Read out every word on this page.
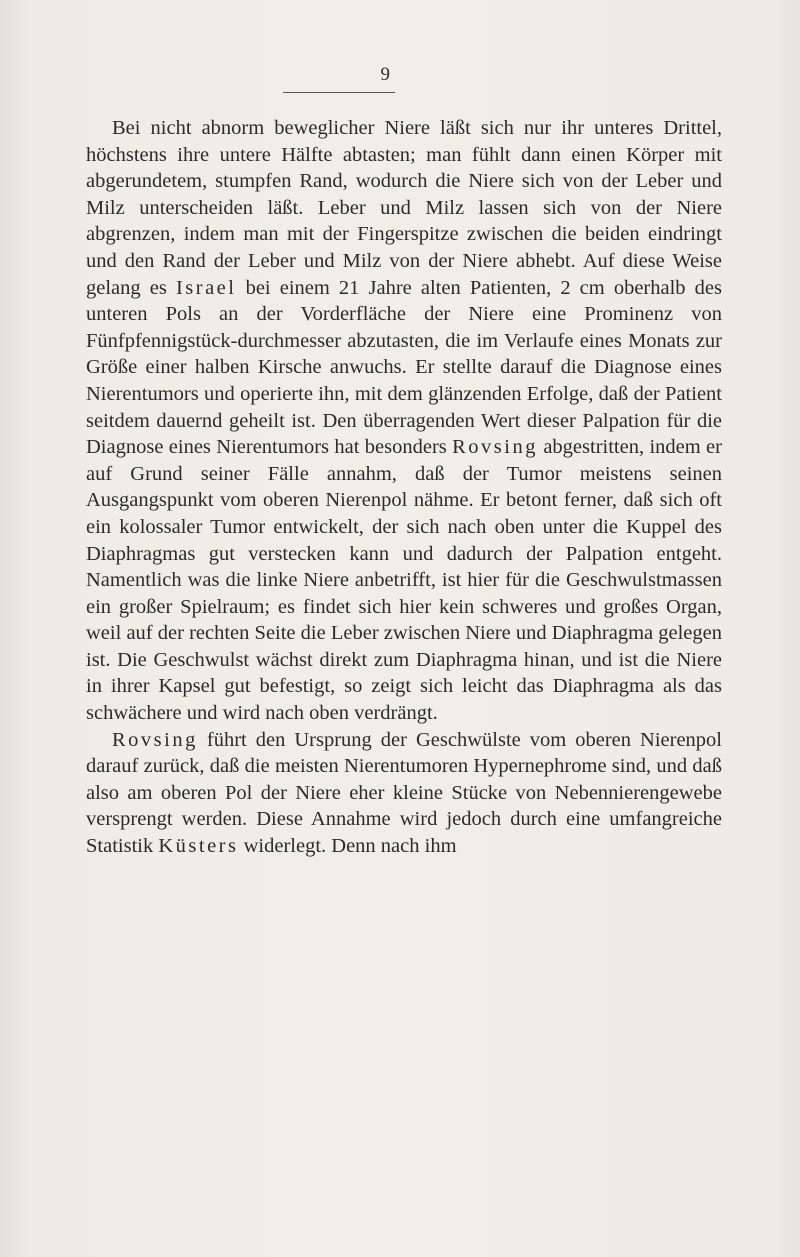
9

Bei nicht abnorm beweglicher Niere läßt sich nur ihr unteres Drittel, höchstens ihre untere Hälfte abtasten; man fühlt dann einen Körper mit abgerundetem, stumpfen Rand, wodurch die Niere sich von der Leber und Milz unterscheiden läßt. Leber und Milz lassen sich von der Niere abgrenzen, indem man mit der Fingerspitze zwischen die beiden eindringt und den Rand der Leber und Milz von der Niere abhebt. Auf diese Weise gelang es Israel bei einem 21 Jahre alten Patienten, 2 cm oberhalb des unteren Pols an der Vorderfläche der Niere eine Prominenz von Fünfpfennigstück-durchmesser abzutasten, die im Verlaufe eines Monats zur Größe einer halben Kirsche anwuchs. Er stellte darauf die Diagnose eines Nierentumors und operierte ihn, mit dem glänzenden Erfolge, daß der Patient seitdem dauernd geheilt ist. Den überragenden Wert dieser Palpation für die Diagnose eines Nierentumors hat besonders Rovsing abgestritten, indem er auf Grund seiner Fälle annahm, daß der Tumor meistens seinen Ausgangspunkt vom oberen Nierenpol nähme. Er betont ferner, daß sich oft ein kolossaler Tumor entwickelt, der sich nach oben unter die Kuppel des Diaphragmas gut verstecken kann und dadurch der Palpation entgeht. Namentlich was die linke Niere anbetrifft, ist hier für die Geschwulstmassen ein großer Spielraum; es findet sich hier kein schweres und großes Organ, weil auf der rechten Seite die Leber zwischen Niere und Diaphragma gelegen ist. Die Geschwulst wächst direkt zum Diaphragma hinan, und ist die Niere in ihrer Kapsel gut befestigt, so zeigt sich leicht das Diaphragma als das schwächere und wird nach oben verdrängt.

Rovsing führt den Ursprung der Geschwülste vom oberen Nierenpol darauf zurück, daß die meisten Nierentumoren Hypernephrome sind, und daß also am oberen Pol der Niere eher kleine Stücke von Nebennierengewebe versprengt werden. Diese Annahme wird jedoch durch eine umfangreiche Statistik Küsters widerlegt. Denn nach ihm
